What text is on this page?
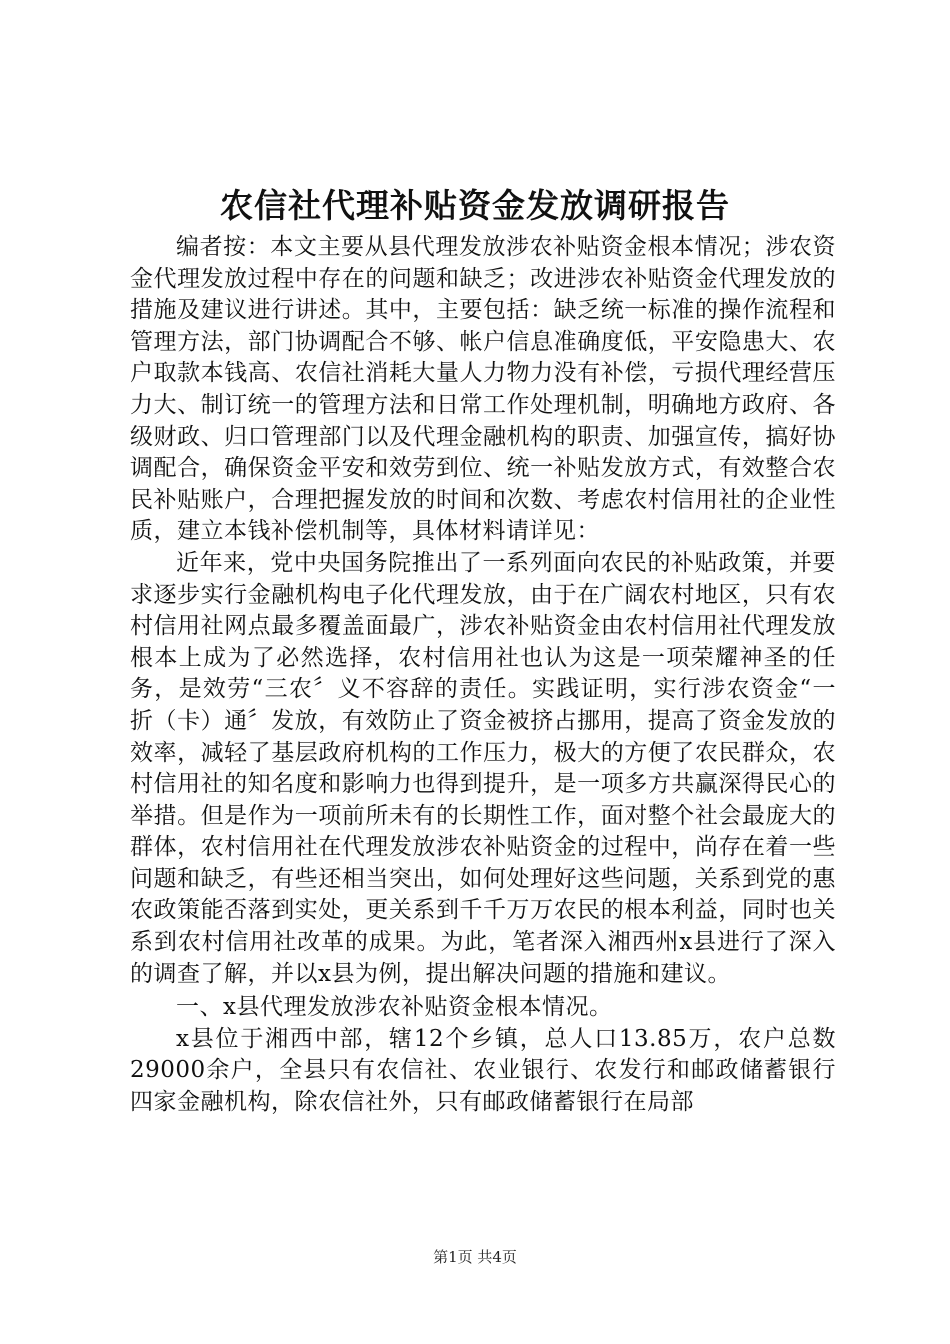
农信社代理补贴资金发放调研报告

编者按：本文主要从县代理发放涉农补贴资金根本情况；涉农资金代理发放过程中存在的问题和缺乏；改进涉农补贴资金代理发放的措施及建议进行讲述。其中，主要包括：缺乏统一标准的操作流程和管理方法，部门协调配合不够、帐户信息准确度低，平安隐患大、农户取款本钱高、农信社消耗大量人力物力没有补偿，亏损代理经营压力大、制订统一的管理方法和日常工作处理机制，明确地方政府、各级财政、归口管理部门以及代理金融机构的职责、加强宣传，搞好协调配合，确保资金平安和效劳到位、统一补贴发放方式，有效整合农民补贴账户，合理把握发放的时间和次数、考虑农村信用社的企业性质，建立本钱补偿机制等，具体材料请详见：

近年来，党中央国务院推出了一系列面向农民的补贴政策，并要求逐步实行金融机构电子化代理发放，由于在广阔农村地区，只有农村信用社网点最多覆盖面最广，涉农补贴资金由农村信用社代理发放根本上成为了必然选择，农村信用社也认为这是一项荣耀神圣的任务，是效劳“三农〞义不容辞的责任。实践证明，实行涉农资金“一折（卡）通〞发放，有效防止了资金被挤占挪用，提高了资金发放的效率，减轻了基层政府机构的工作压力，极大的方便了农民群众，农村信用社的知名度和影响力也得到提升，是一项多方共赢深得民心的举措。但是作为一项前所未有的长期性工作，面对整个社会最庞大的群体，农村信用社在代理发放涉农补贴资金的过程中，尚存在着一些问题和缺乏，有些还相当突出，如何处理好这些问题，关系到党的惠农政策能否落到实处，更关系到千千万万农民的根本利益，同时也关系到农村信用社改革的成果。为此，笔者深入湘西州x县进行了深入的调查了解，并以x县为例，提出解决问题的措施和建议。

一、x县代理发放涉农补贴资金根本情况。

x县位于湘西中部，辖12个乡镇，总人口13.85万，农户总数29000余户，全县只有农信社、农业银行、农发行和邮政储蓄银行四家金融机构，除农信社外，只有邮政储蓄银行在局部

第1页 共4页
